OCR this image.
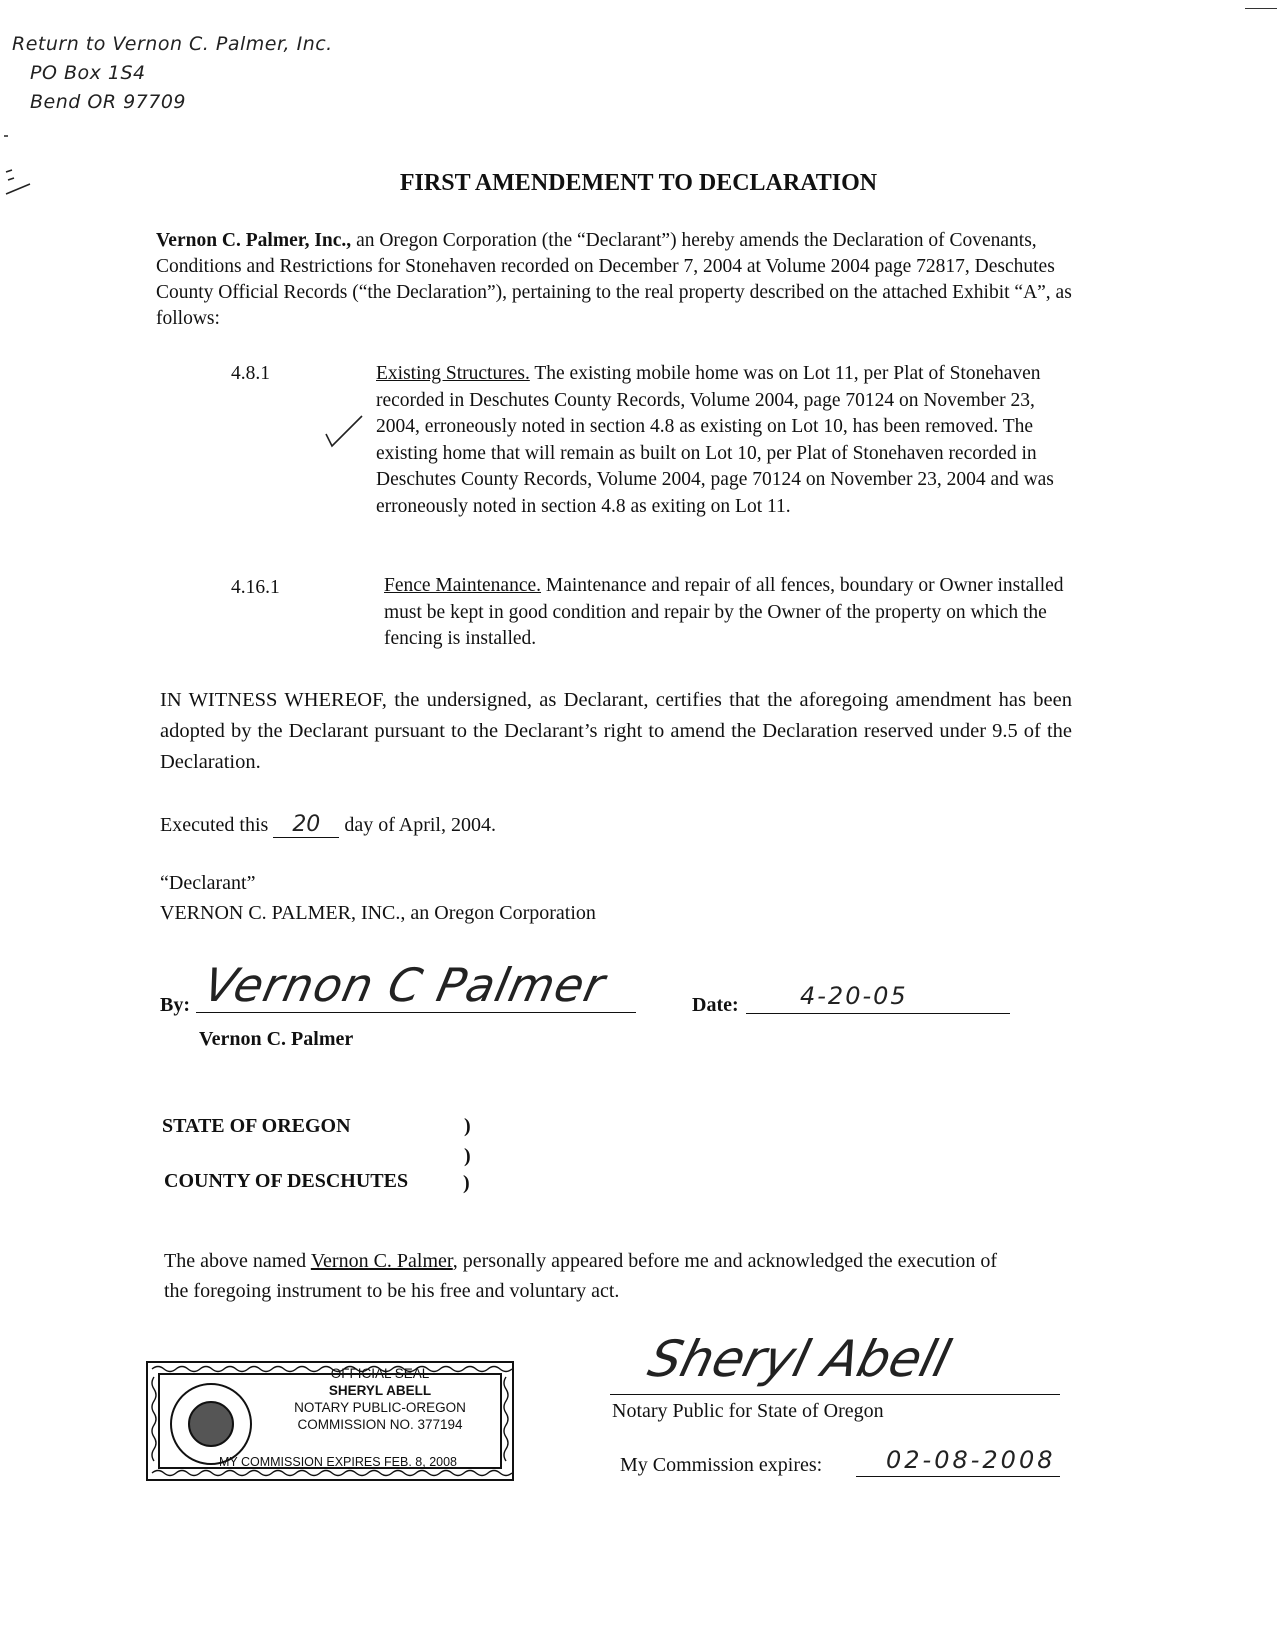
Return to Vernon C. Palmer, Inc.
PO Box 1S4
Bend OR 97709
FIRST AMENDEMENT TO DECLARATION
Vernon C. Palmer, Inc., an Oregon Corporation (the “Declarant”) hereby amends the Declaration of Covenants, Conditions and Restrictions for Stonehaven recorded on December 7, 2004 at Volume 2004 page 72817, Deschutes County Official Records (“the Declaration”), pertaining to the real property described on the attached Exhibit “A”, as follows:
4.8.1	Existing Structures. The existing mobile home was on Lot 11, per Plat of Stonehaven recorded in Deschutes County Records, Volume 2004, page 70124 on November 23, 2004, erroneously noted in section 4.8 as existing on Lot 10, has been removed. The existing home that will remain as built on Lot 10, per Plat of Stonehaven recorded in Deschutes County Records, Volume 2004, page 70124 on November 23, 2004 and was erroneously noted in section 4.8 as exiting on Lot 11.
4.16.1	Fence Maintenance. Maintenance and repair of all fences, boundary or Owner installed must be kept in good condition and repair by the Owner of the property on which the fencing is installed.
IN WITNESS WHEREOF, the undersigned, as Declarant, certifies that the aforegoing amendment has been adopted by the Declarant pursuant to the Declarant’s right to amend the Declaration reserved under 9.5 of the Declaration.
Executed this 20 day of April, 2004.
“Declarant”
VERNON C. PALMER, INC., an Oregon Corporation
By: Vernon C Palmer
Vernon C. Palmer
Date:	4-20-05
STATE OF OREGON	)
)
COUNTY OF DESCHUTES	)
The above named Vernon C. Palmer, personally appeared before me and acknowledged the execution of the foregoing instrument to be his free and voluntary act.
OFFICIAL SEAL
SHERYL ABELL
NOTARY PUBLIC-OREGON
COMMISSION NO. 377194
MY COMMISSION EXPIRES FEB. 8, 2008
Sheryl Abell
Notary Public for State of Oregon
My Commission expires:	02-08-2008
